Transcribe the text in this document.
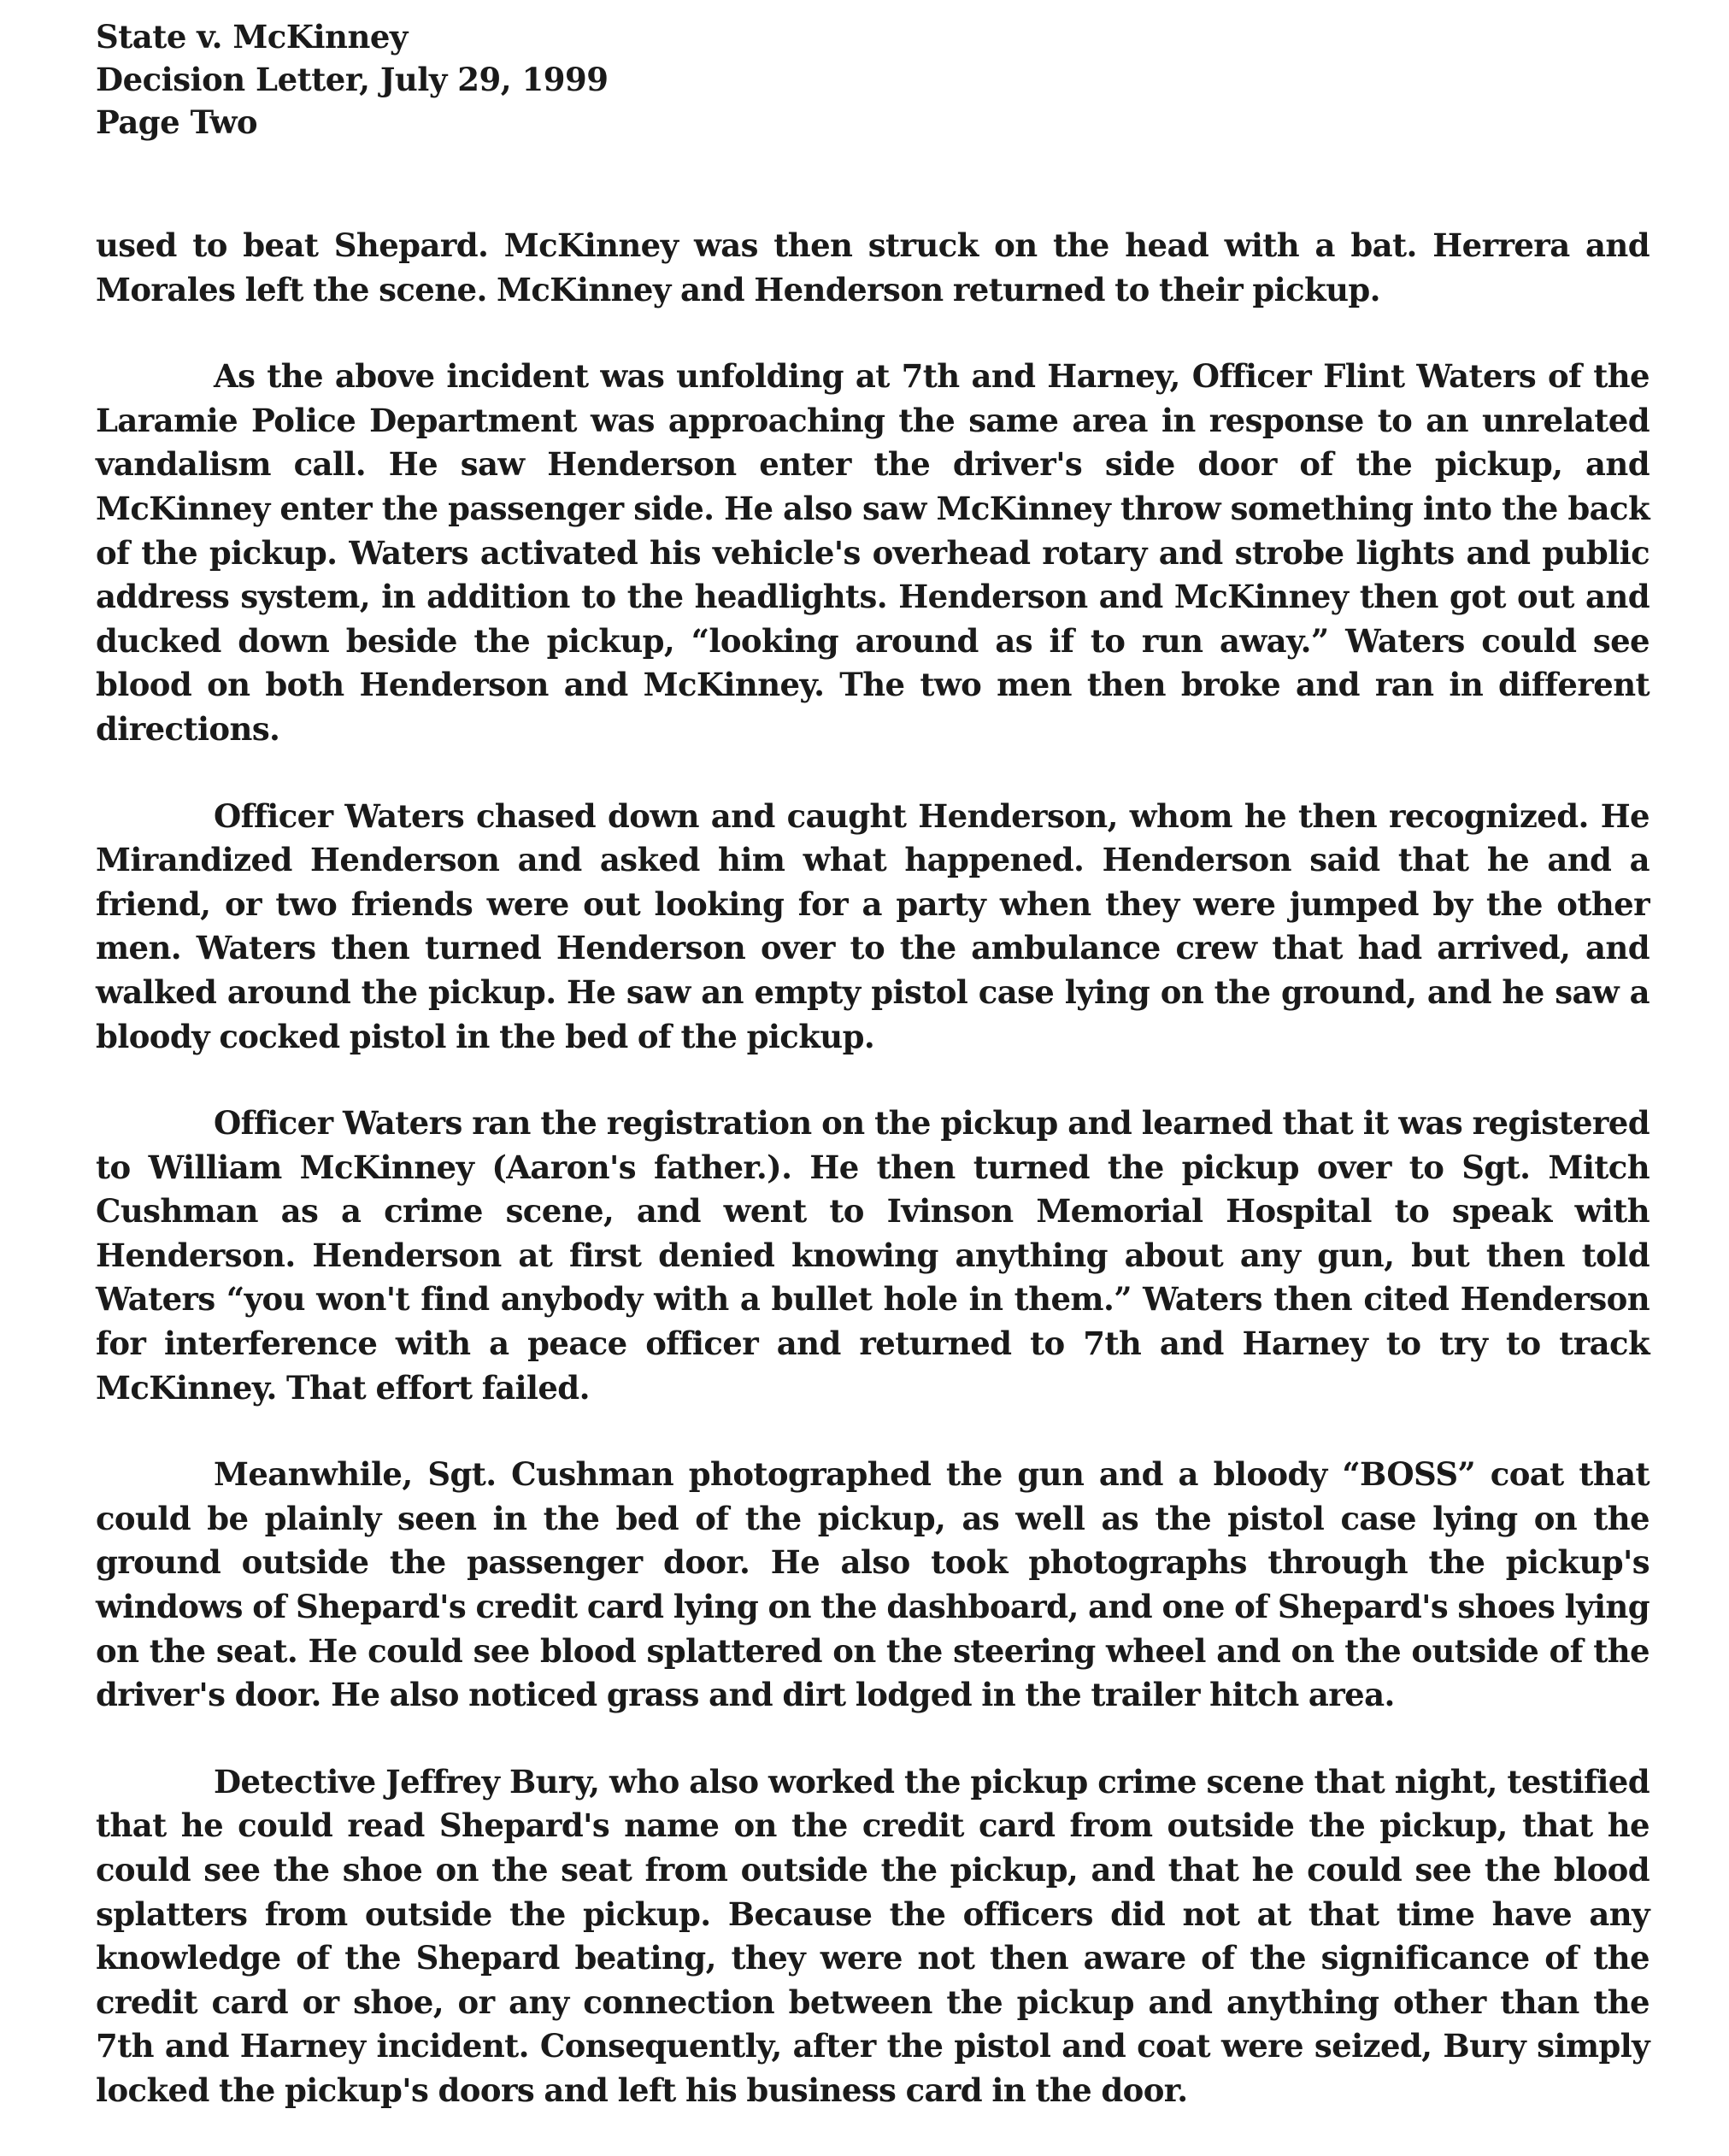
State v. McKinney
Decision Letter, July 29, 1999
Page Two

used to beat Shepard. McKinney was then struck on the head with a bat. Herrera and Morales left the scene. McKinney and Henderson returned to their pickup.

As the above incident was unfolding at 7th and Harney, Officer Flint Waters of the Laramie Police Department was approaching the same area in response to an unrelated vandalism call. He saw Henderson enter the driver's side door of the pickup, and McKinney enter the passenger side. He also saw McKinney throw something into the back of the pickup. Waters activated his vehicle's overhead rotary and strobe lights and public address system, in addition to the headlights. Henderson and McKinney then got out and ducked down beside the pickup, “looking around as if to run away.” Waters could see blood on both Henderson and McKinney. The two men then broke and ran in different directions.

Officer Waters chased down and caught Henderson, whom he then recognized. He Mirandized Henderson and asked him what happened. Henderson said that he and a friend, or two friends were out looking for a party when they were jumped by the other men. Waters then turned Henderson over to the ambulance crew that had arrived, and walked around the pickup. He saw an empty pistol case lying on the ground, and he saw a bloody cocked pistol in the bed of the pickup.

Officer Waters ran the registration on the pickup and learned that it was registered to William McKinney (Aaron's father.). He then turned the pickup over to Sgt. Mitch Cushman as a crime scene, and went to Ivinson Memorial Hospital to speak with Henderson. Henderson at first denied knowing anything about any gun, but then told Waters “you won't find anybody with a bullet hole in them.” Waters then cited Henderson for interference with a peace officer and returned to 7th and Harney to try to track McKinney. That effort failed.

Meanwhile, Sgt. Cushman photographed the gun and a bloody “BOSS” coat that could be plainly seen in the bed of the pickup, as well as the pistol case lying on the ground outside the passenger door. He also took photographs through the pickup's windows of Shepard's credit card lying on the dashboard, and one of Shepard's shoes lying on the seat. He could see blood splattered on the steering wheel and on the outside of the driver's door. He also noticed grass and dirt lodged in the trailer hitch area.

Detective Jeffrey Bury, who also worked the pickup crime scene that night, testified that he could read Shepard's name on the credit card from outside the pickup, that he could see the shoe on the seat from outside the pickup, and that he could see the blood splatters from outside the pickup. Because the officers did not at that time have any knowledge of the Shepard beating, they were not then aware of the significance of the credit card or shoe, or any connection between the pickup and anything other than the 7th and Harney incident. Consequently, after the pistol and coat were seized, Bury simply locked the pickup's doors and left his business card in the door.
